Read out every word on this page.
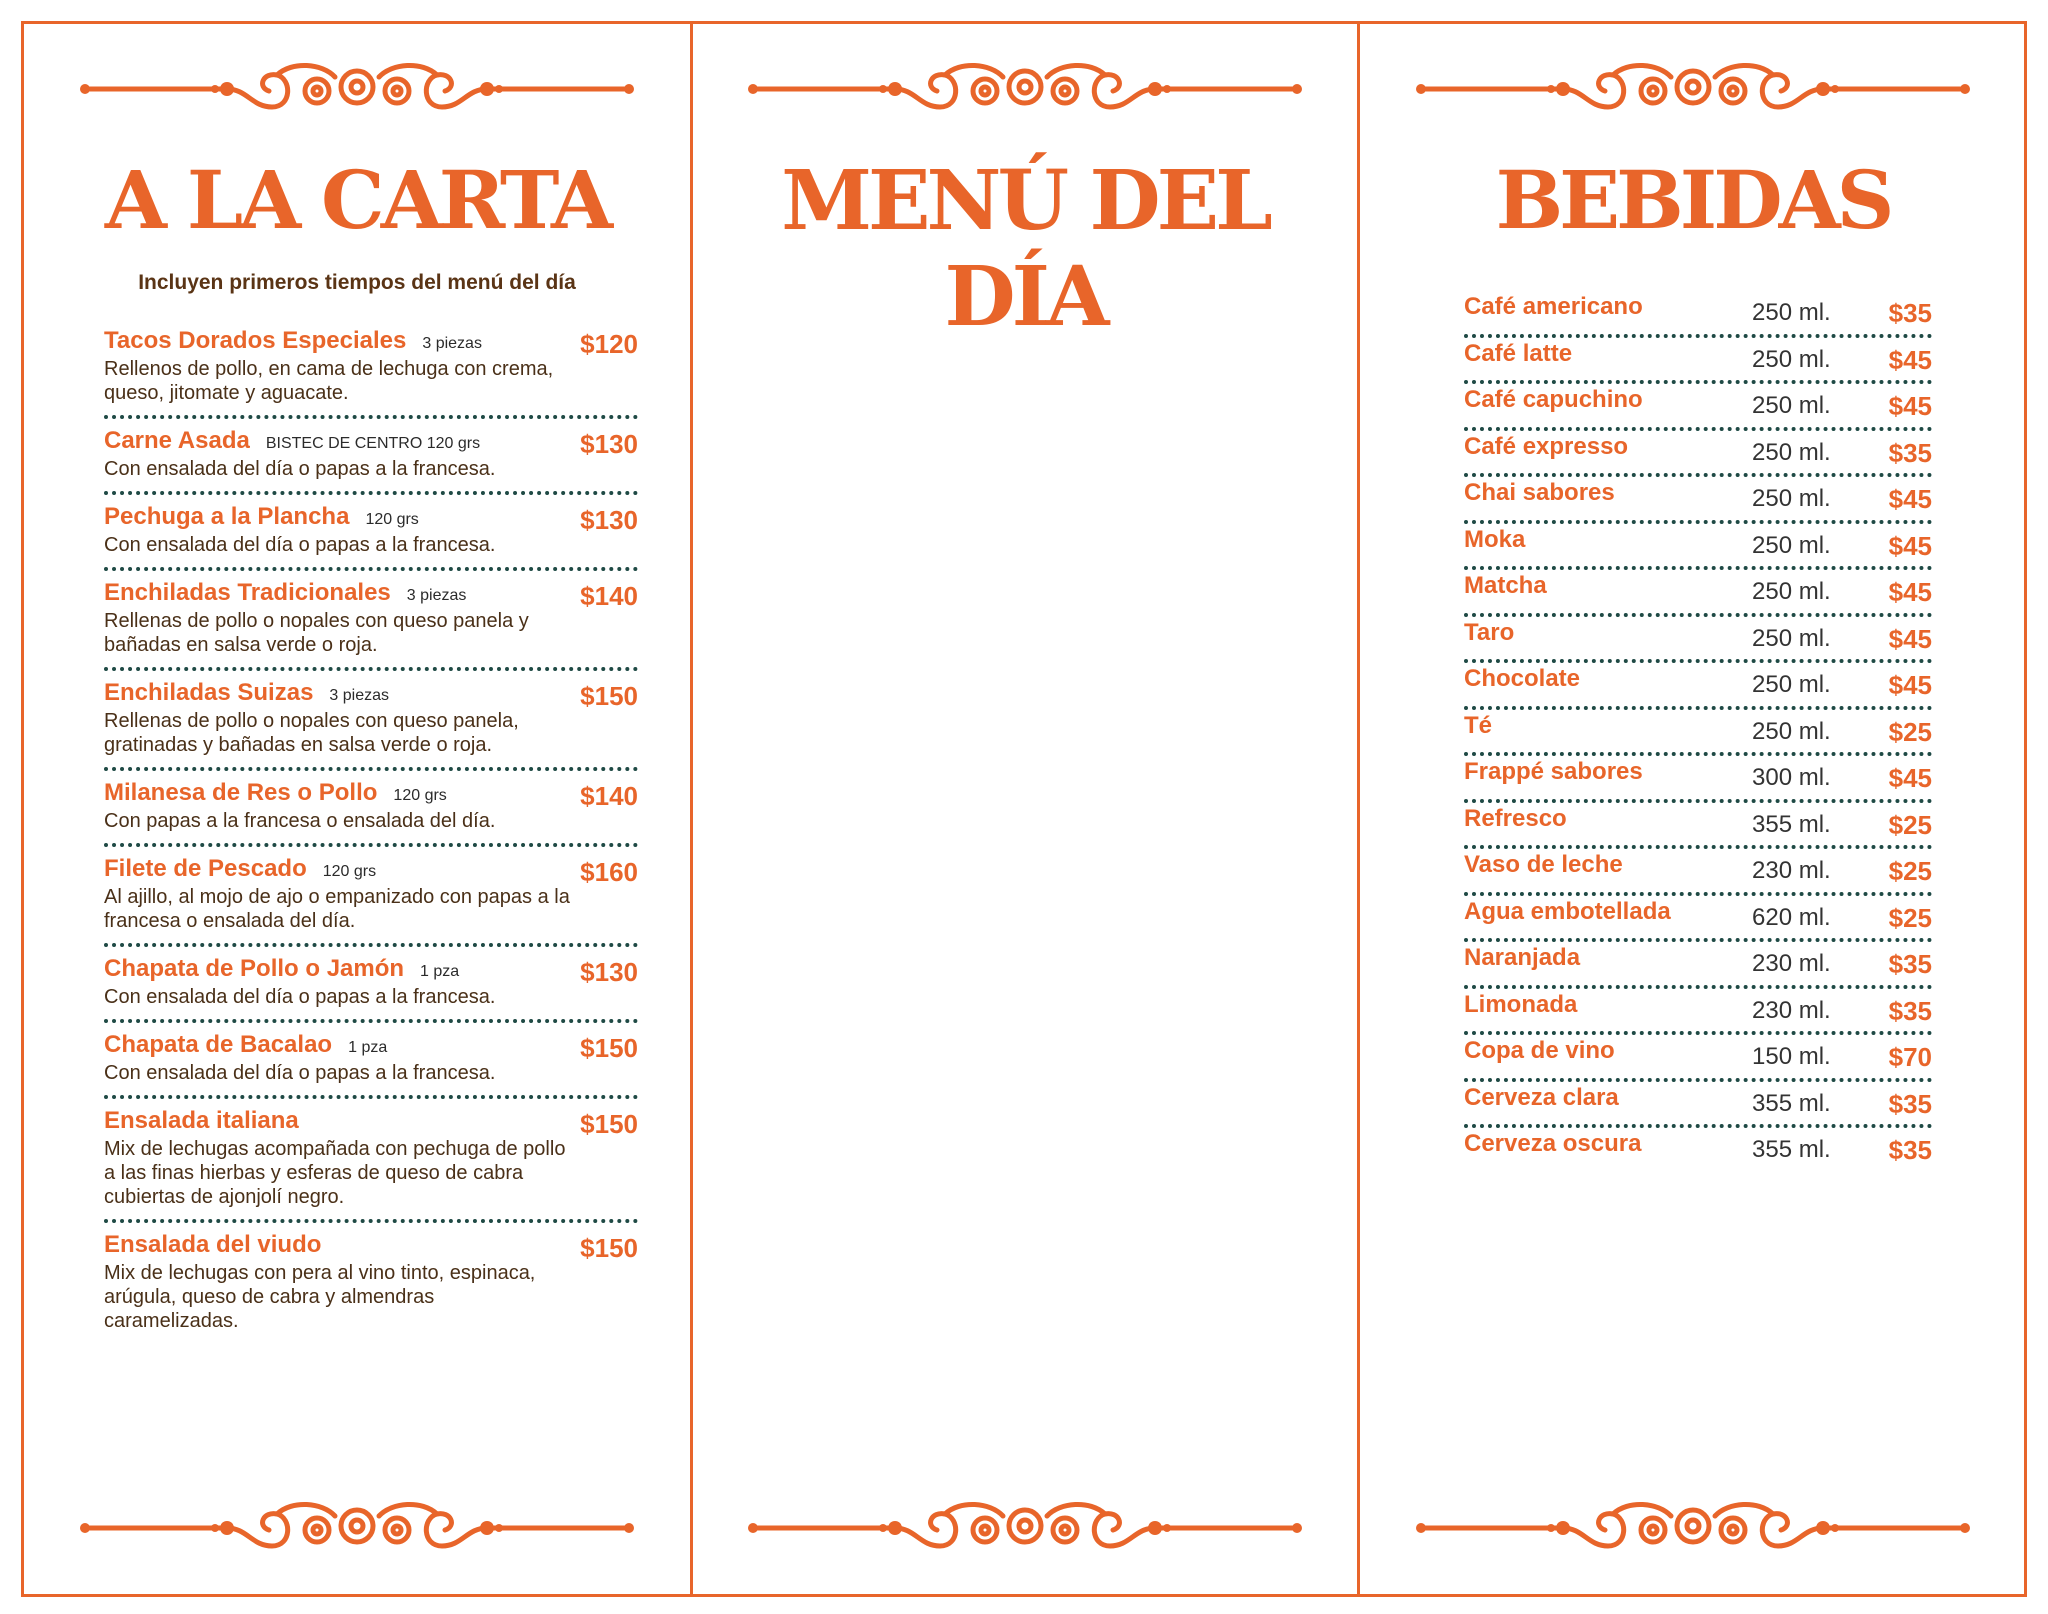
A LA CARTA
Incluyen primeros tiempos del menú del día
Tacos Dorados Especiales 3 piezas	$120
Rellenos de pollo, en cama de lechuga con crema, queso, jitomate y aguacate.
Carne Asada BISTEC DE CENTRO 120 grs	$130
Con ensalada del día o papas a la francesa.
Pechuga a la Plancha 120 grs	$130
Con ensalada del día o papas a la francesa.
Enchiladas Tradicionales 3 piezas	$140
Rellenas de pollo o nopales con queso panela y bañadas en salsa verde o roja.
Enchiladas Suizas 3 piezas	$150
Rellenas de pollo o nopales con queso panela, gratinadas y bañadas en salsa verde o roja.
Milanesa de Res o Pollo 120 grs	$140
Con papas a la francesa o ensalada del día.
Filete de Pescado 120 grs	$160
Al ajillo, al mojo de ajo o empanizado con papas a la francesa o ensalada del día.
Chapata de Pollo o Jamón 1 pza	$130
Con ensalada del día o papas a la francesa.
Chapata de Bacalao 1 pza	$150
Con ensalada del día o papas a la francesa.
Ensalada italiana	$150
Mix de lechugas acompañada con pechuga de pollo a las finas hierbas y esferas de queso de cabra cubiertas de ajonjolí negro.
Ensalada del viudo	$150
Mix de lechugas con pera al vino tinto, espinaca, arúgula, queso de cabra y almendras caramelizadas.
MENÚ DEL DÍA
BEBIDAS
Café americano	250 ml. $35
Café latte	250 ml. $45
Café capuchino	250 ml. $45
Café expresso	250 ml. $35
Chai sabores	250 ml. $45
Moka	250 ml. $45
Matcha	250 ml. $45
Taro	250 ml. $45
Chocolate	250 ml. $45
Té	250 ml. $25
Frappé sabores	300 ml. $45
Refresco	355 ml. $25
Vaso de leche	230 ml. $25
Agua embotellada	620 ml. $25
Naranjada	230 ml. $35
Limonada	230 ml. $35
Copa de vino	150 ml. $70
Cerveza clara	355 ml. $35
Cerveza oscura	355 ml. $35
